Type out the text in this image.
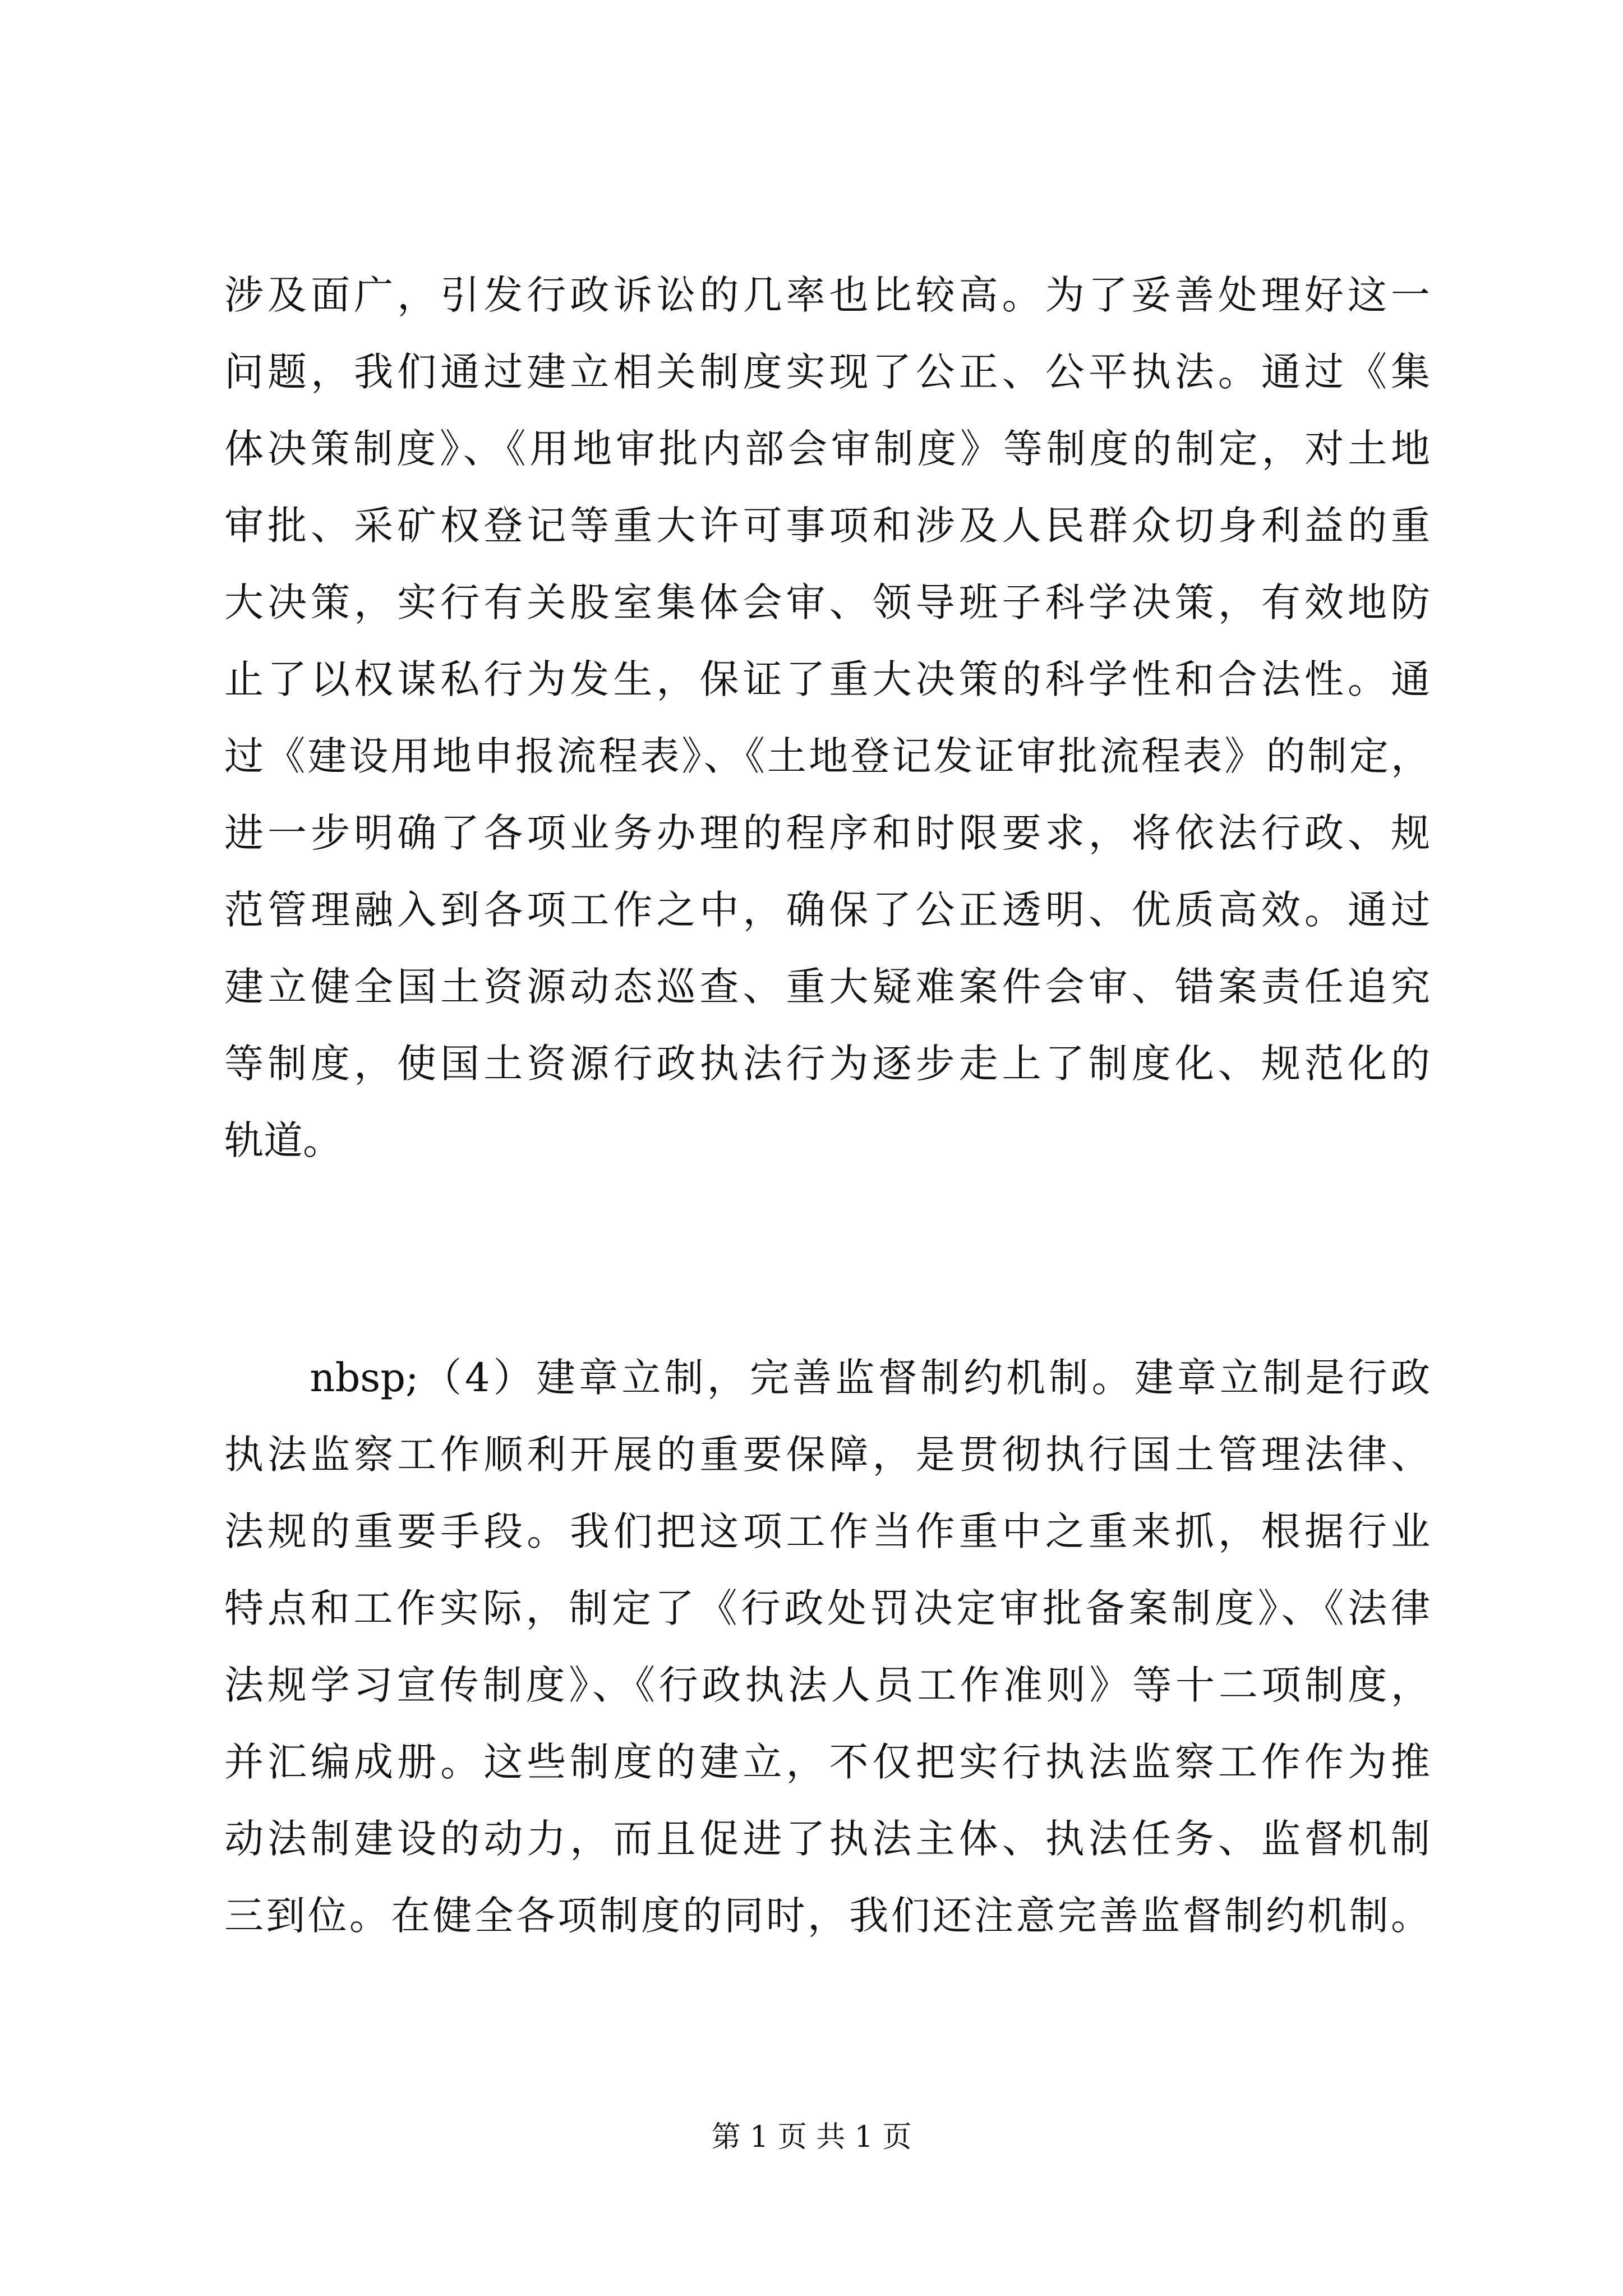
涉及面广，引发行政诉讼的几率也比较高。为了妥善处理好这一
问题，我们通过建立相关制度实现了公正、公平执法。通过《集
体决策制度》、《用地审批内部会审制度》等制度的制定，对土地
审批、采矿权登记等重大许可事项和涉及人民群众切身利益的重
大决策，实行有关股室集体会审、领导班子科学决策，有效地防
止了以权谋私行为发生，保证了重大决策的科学性和合法性。通
过《建设用地申报流程表》、《土地登记发证审批流程表》的制定，
进一步明确了各项业务办理的程序和时限要求，将依法行政、规
范管理融入到各项工作之中，确保了公正透明、优质高效。通过
建立健全国土资源动态巡查、重大疑难案件会审、错案责任追究
等制度，使国土资源行政执法行为逐步走上了制度化、规范化的
轨道。
　　nbsp;（4）建章立制，完善监督制约机制。建章立制是行政
执法监察工作顺利开展的重要保障，是贯彻执行国土管理法律、
法规的重要手段。我们把这项工作当作重中之重来抓，根据行业
特点和工作实际，制定了《行政处罚决定审批备案制度》、《法律
法规学习宣传制度》、《行政执法人员工作准则》等十二项制度，
并汇编成册。这些制度的建立，不仅把实行执法监察工作作为推
动法制建设的动力，而且促进了执法主体、执法任务、监督机制
三到位。在健全各项制度的同时，我们还注意完善监督制约机制。
第 1 页 共 1 页
